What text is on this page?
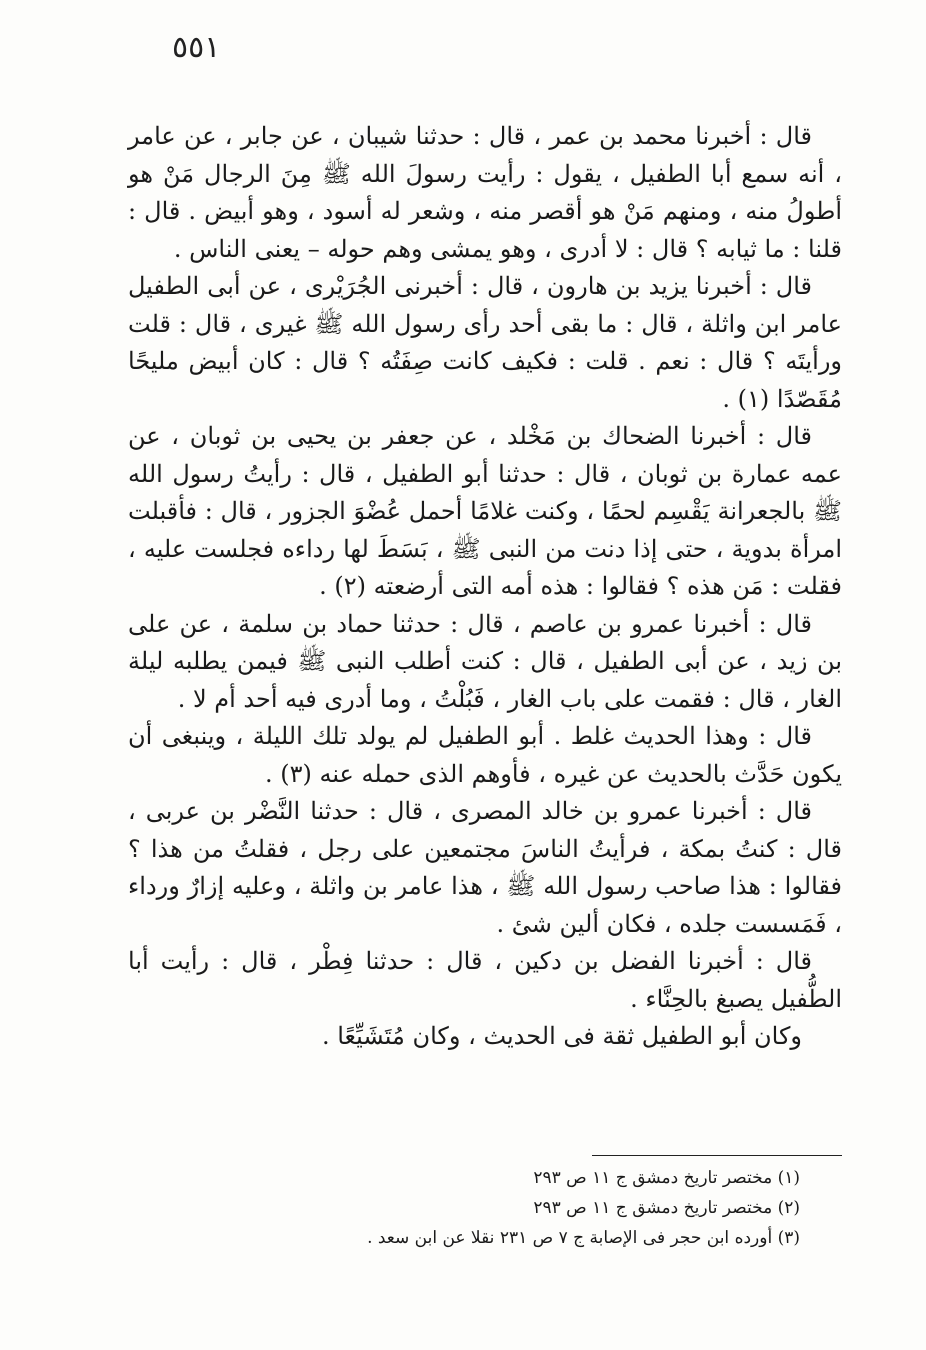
٥٥١

قال : أخبرنا محمد بن عمر ، قال : حدثنا شيبان ، عن جابر ، عن عامر ، أنه سمع أبا الطفيل ، يقول : رأيت رسولَ الله ﷺ مِنَ الرجال مَنْ هو أطولُ منه ، ومنهم مَنْ هو أقصر منه ، وشعر له أسود ، وهو أبيض . قال : قلنا : ما ثيابه ؟ قال : لا أدرى ، وهو يمشى وهم حوله – يعنى الناس .

قال : أخبرنا يزيد بن هارون ، قال : أخبرنى الجُرَيْرى ، عن أبى الطفيل عامر ابن واثلة ، قال : ما بقى أحد رأى رسول الله ﷺ غيرى ، قال : قلت ورأيتَه ؟ قال : نعم . قلت : فكيف كانت صِفَتُه ؟ قال : كان أبيض مليحًا مُقَصّدًا (١) .

قال : أخبرنا الضحاك بن مَخْلد ، عن جعفر بن يحيى بن ثوبان ، عن عمه عمارة بن ثوبان ، قال : حدثنا أبو الطفيل ، قال : رأيتُ رسول الله ﷺ بالجعرانة يَقْسِم لحمًا ، وكنت غلامًا أحمل عُضْوَ الجزور ، قال : فأقبلت امرأة بدوية ، حتى إذا دنت من النبى ﷺ ، بَسَطَ لها رداءه فجلست عليه ، فقلت : مَن هذه ؟ فقالوا : هذه أمه التى أرضعته (٢) .

قال : أخبرنا عمرو بن عاصم ، قال : حدثنا حماد بن سلمة ، عن على بن زيد ، عن أبى الطفيل ، قال : كنت أطلب النبى ﷺ فيمن يطلبه ليلة الغار ، قال : فقمت على باب الغار ، فَبُلْتُ ، وما أدرى فيه أحد أم لا .

قال : وهذا الحديث غلط . أبو الطفيل لم يولد تلك الليلة ، وينبغى أن يكون حَدَّث بالحديث عن غيره ، فأوهم الذى حمله عنه (٣) .

قال : أخبرنا عمرو بن خالد المصرى ، قال : حدثنا النَّضْر بن عربى ، قال : كنتُ بمكة ، فرأيتُ الناسَ مجتمعين على رجل ، فقلتُ من هذا ؟ فقالوا : هذا صاحب رسول الله ﷺ ، هذا عامر بن واثلة ، وعليه إزارٌ ورداء ، فَمَسست جلده ، فكان ألين شئ .

قال : أخبرنا الفضل بن دكين ، قال : حدثنا فِطْر ، قال : رأيت أبا الطُّفيل يصبغ بالحِنَّاء .

وكان أبو الطفيل ثقة فى الحديث ، وكان مُتَشَيِّعًا .

(١) مختصر تاريخ دمشق ج ١١ ص ٢٩٣

(٢) مختصر تاريخ دمشق ج ١١ ص ٢٩٣

(٣) أورده ابن حجر فى الإصابة ج ٧ ص ٢٣١ نقلا عن ابن سعد .
